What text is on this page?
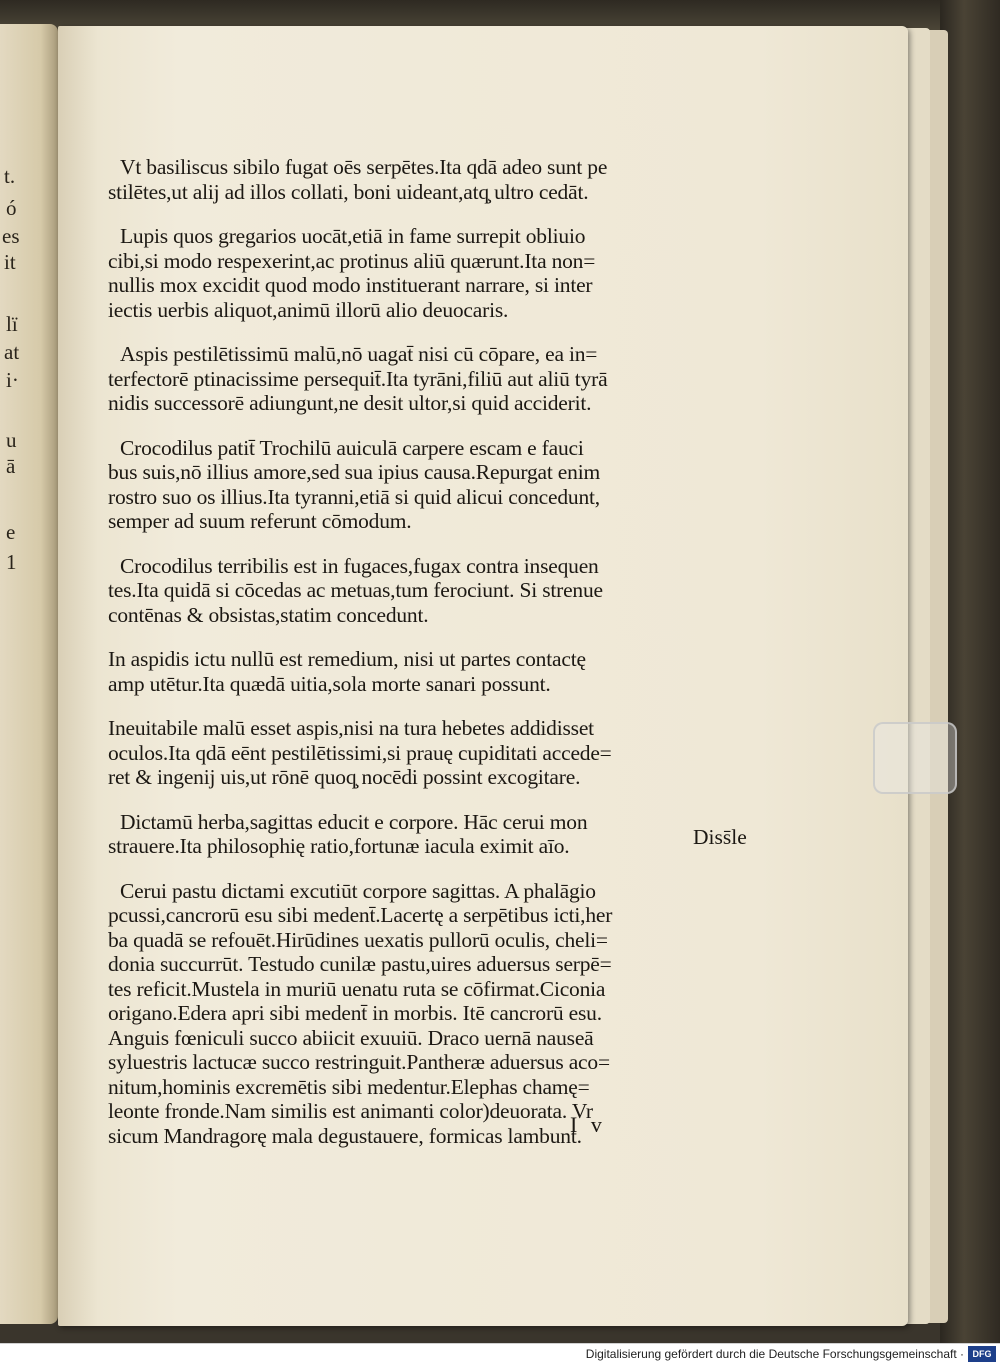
t.
ó
es
it
lï
at
i·
u
ā
e
1
Vt basiliscus sibilo fugat oēs serpētes.Ita qdā adeo sunt pe
stilētes,ut alij ad illos collati, boni uideant,atq̧ ultro cedāt.
Lupis quos gregarios uocāt,etiā in fame surrepit obliuio
cibi,si modo respexerint,ac protinus aliū quærunt.Ita non=
nullis mox excidit quod modo instituerant narrare, si inter
iectis uerbis aliquot,animū illorū alio deuocaris.
Aspis pestilētissimū malū,nō uagat̄ nisi cū cōpare, ea in=
terfectorē ptinacissime persequit̄.Ita tyrāni,filiū aut aliū tyrā
nidis successorē adiungunt,ne desit ultor,si quid acciderit.
Crocodilus patit̄ Trochilū auiculā carpere escam e fauci
bus suis,nō illius amore,sed sua ipius causa.Repurgat enim
rostro suo os illius.Ita tyranni,etiā si quid alicui concedunt,
semper ad suum referunt cōmodum.
Crocodilus terribilis est in fugaces,fugax contra insequen
tes.Ita quidā si cōcedas ac metuas,tum ferociunt. Si strenue
contēnas & obsistas,statim concedunt.
In aspidis ictu nullū est remedium, nisi ut partes contactę
amp utētur.Ita quædā uitia,sola morte sanari possunt.
Ineuitabile malū esset aspis,nisi na tura hebetes addidisset
oculos.Ita qdā eēnt pestilētissimi,si prauę cupiditati accede=
ret & ingenij uis,ut rōnē quoq̧ nocēdi possint excogitare.
Dictamū herba,sagittas educit e corpore. Hāc cerui mon
strauere.Ita philosophię ratio,fortunæ iacula eximit aīo.
Cerui pastu dictami excutiūt corpore sagittas. A phalāgio
pcussi,cancrorū esu sibi medent̄.Lacertę a serpētibus icti,her
ba quadā se refouēt.Hirūdines uexatis pullorū oculis, cheli=
donia succurrūt. Testudo cunilæ pastu,uires aduersus serpē=
tes reficit.Mustela in muriū uenatu ruta se cōfirmat.Ciconia
origano.Edera apri sibi medent̄ in morbis. Itē cancrorū esu.
Anguis fœniculi succo abiicit exuuiū. Draco uernā nauseā
syluestris lactucæ succo restringuit.Pantheræ aduersus aco=
nitum,hominis excremētis sibi medentur.Elephas chamę=
leonte fronde.Nam similis est animanti color)deuorata. Vr
sicum Mandragorę mala degustauere, formicas lambunt.
Diss̄le
I v
Digitalisierung gefördert durch die Deutsche Forschungsgemeinschaft · DFG
